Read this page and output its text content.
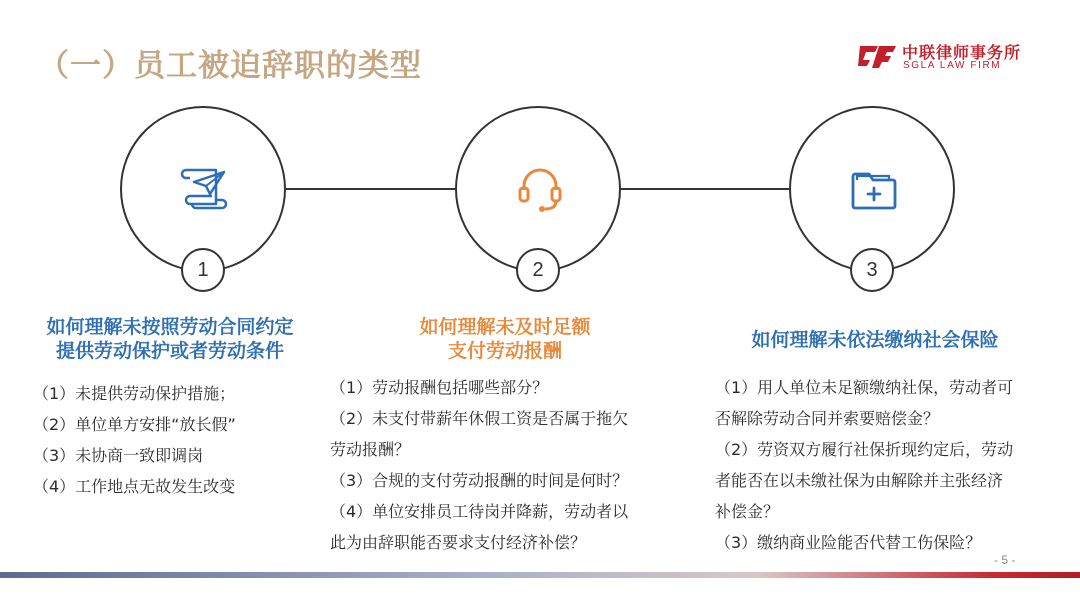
（一）员工被迫辞职的类型	中联律师事务所
SGLA LAW FIRM
1	2	3
如何理解未按照劳动合同约定
提供劳动保护或者劳动条件
如何理解未及时足额
支付劳动报酬	如何理解未依法缴纳社会保险
（1）未提供劳动保护措施；
（2）单位单方安排“放长假”
（3）未协商一致即调岗
（4）工作地点无故发生改变
（1）劳动报酬包括哪些部分？
（2）未支付带薪年休假工资是否属于拖欠
劳动报酬？
（3）合规的支付劳动报酬的时间是何时？
（4）单位安排员工待岗并降薪，劳动者以
此为由辞职能否要求支付经济补偿？
（1）用人单位未足额缴纳社保，劳动者可
否解除劳动合同并索要赔偿金？
（2）劳资双方履行社保折现约定后，劳动
者能否在以未缴社保为由解除并主张经济
补偿金？
（3）缴纳商业险能否代替工伤保险？
- 5 -
